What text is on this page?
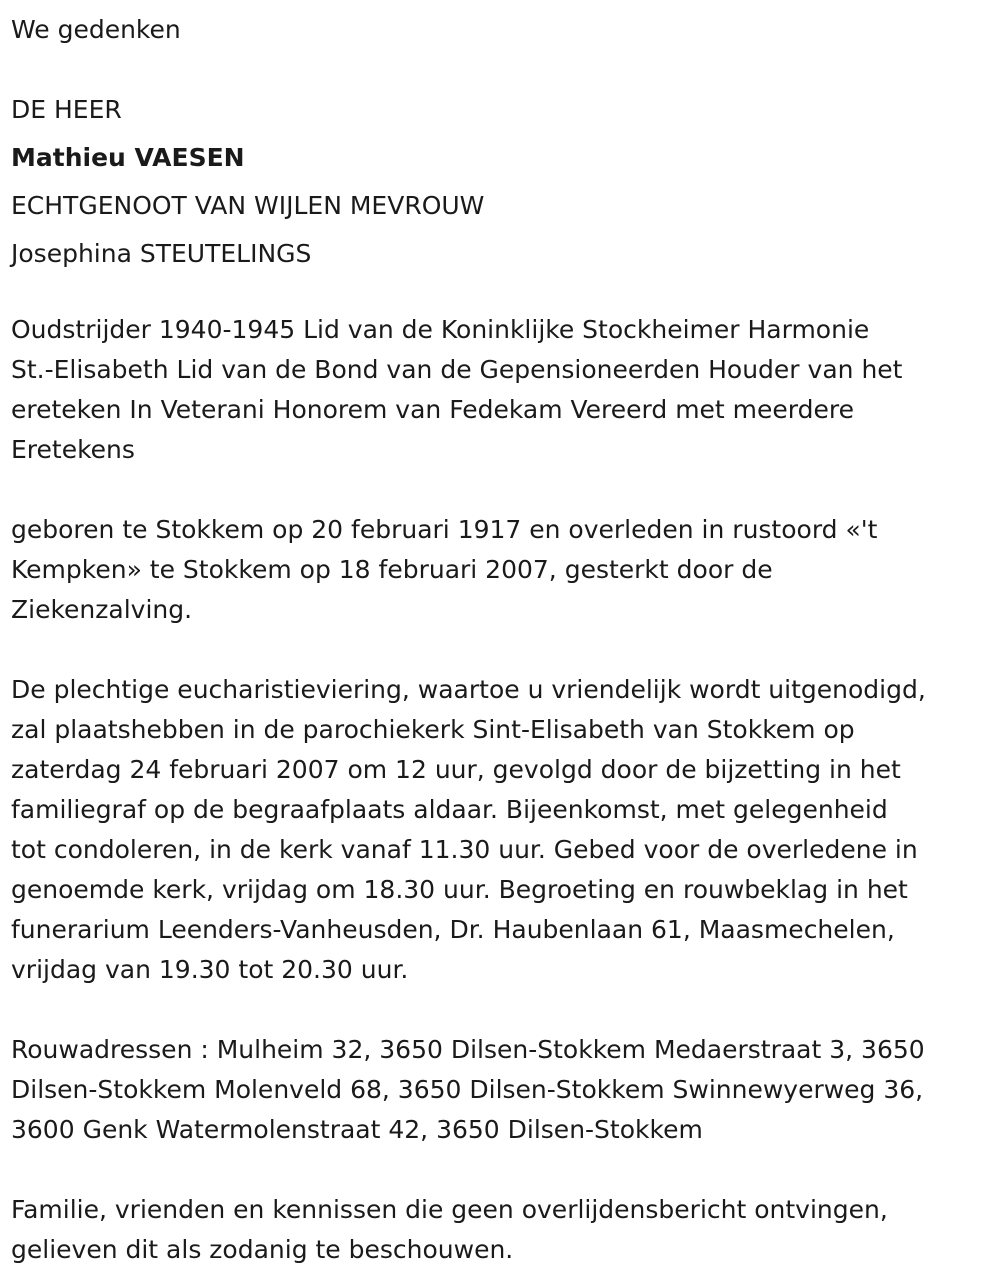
We gedenken

DE HEER

Mathieu VAESEN

ECHTGENOOT VAN WIJLEN MEVROUW

Josephina STEUTELINGS

Oudstrijder 1940-1945 Lid van de Koninklijke Stockheimer Harmonie

St.-Elisabeth Lid van de Bond van de Gepensioneerden Houder van het

ereteken In Veterani Honorem van Fedekam Vereerd met meerdere

Eretekens

geboren te Stokkem op 20 februari 1917 en overleden in rustoord «'t

Kempken» te Stokkem op 18 februari 2007, gesterkt door de

Ziekenzalving.

De plechtige eucharistieviering, waartoe u vriendelijk wordt uitgenodigd,

zal plaatshebben in de parochiekerk Sint-Elisabeth van Stokkem op

zaterdag 24 februari 2007 om 12 uur, gevolgd door de bijzetting in het

familiegraf op de begraafplaats aldaar. Bijeenkomst, met gelegenheid

tot condoleren, in de kerk vanaf 11.30 uur. Gebed voor de overledene in

genoemde kerk, vrijdag om 18.30 uur. Begroeting en rouwbeklag in het

funerarium Leenders-Vanheusden, Dr. Haubenlaan 61, Maasmechelen,

vrijdag van 19.30 tot 20.30 uur.

Rouwadressen : Mulheim 32, 3650 Dilsen-Stokkem Medaerstraat 3, 3650

Dilsen-Stokkem Molenveld 68, 3650 Dilsen-Stokkem Swinnewyerweg 36,

3600 Genk Watermolenstraat 42, 3650 Dilsen-Stokkem

Familie, vrienden en kennissen die geen overlijdensbericht ontvingen,

gelieven dit als zodanig te beschouwen.
